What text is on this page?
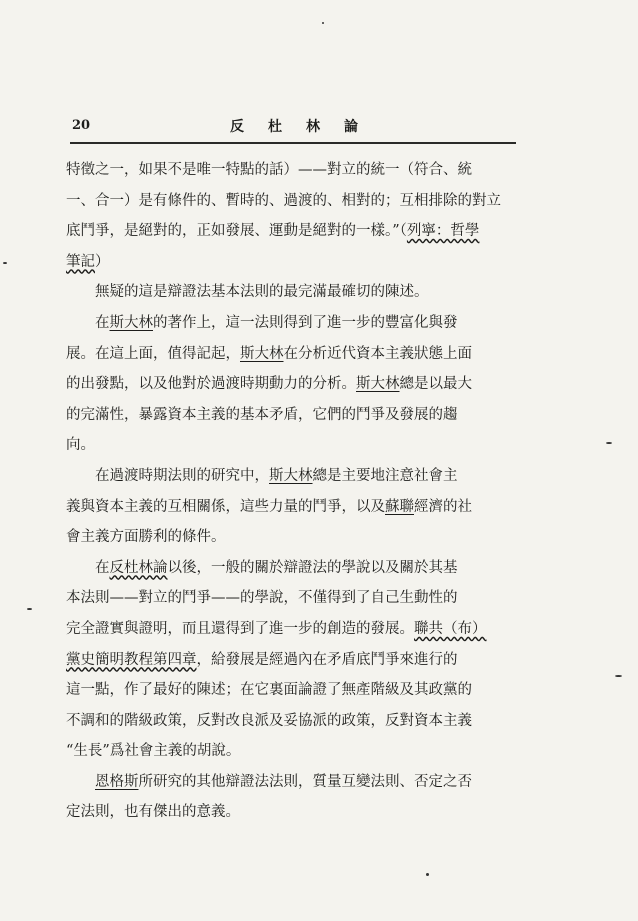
20	反杜林論
特徵之一，如果不是唯一特點的話）——對立的統一（符合、統
一、合一）是有條件的、暫時的、過渡的、相對的；互相排除的對立
底鬥爭，是絕對的，正如發展、運動是絕對的一樣。”（列寧：哲學
筆記）
無疑的這是辯證法基本法則的最完滿最確切的陳述。
在斯大林的著作上，這一法則得到了進一步的豐富化與發
展。在這上面，值得記起，斯大林在分析近代資本主義狀態上面
的出發點，以及他對於過渡時期動力的分析。斯大林總是以最大
的完滿性，暴露資本主義的基本矛盾，它們的鬥爭及發展的趨
向。
在過渡時期法則的研究中，斯大林總是主要地注意社會主
義與資本主義的互相關係，這些力量的鬥爭，以及蘇聯經濟的社
會主義方面勝利的條件。
在反杜林論以後，一般的關於辯證法的學說以及關於其基
本法則——對立的鬥爭——的學說，不僅得到了自己生動性的
完全證實與證明，而且還得到了進一步的創造的發展。聯共（布）
黨史簡明教程第四章，給發展是經過內在矛盾底鬥爭來進行的
這一點，作了最好的陳述；在它裏面論證了無產階級及其政黨的
不調和的階級政策，反對改良派及妥協派的政策，反對資本主義
“生長”爲社會主義的胡說。
恩格斯所研究的其他辯證法法則，質量互變法則、否定之否
定法則，也有傑出的意義。
